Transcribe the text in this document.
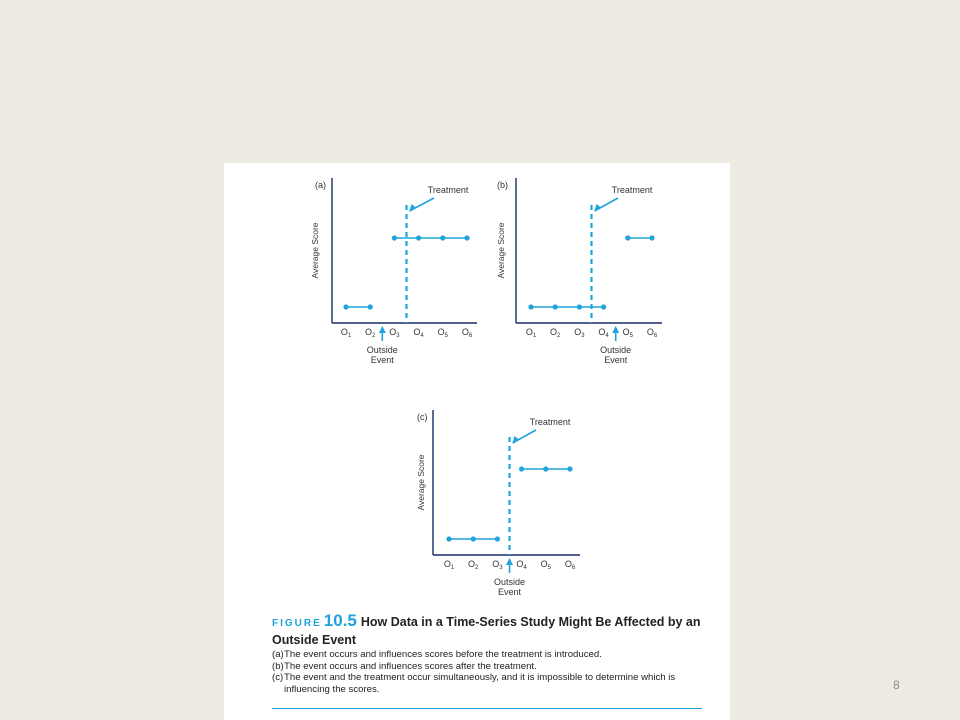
(a)
Average Score
$O_1$ $O_2$ $O_3$ $O_4$ $O_5$ $O_6$
Treatment
Outside
Event
(b)
Average Score
$O_1$ $O_2$ $O_3$ $O_4$ $O_5$ $O_6$
Treatment
Outside
Event
(c)
Average Score
$O_1$ $O_2$ $O_3$ $O_4$ $O_5$ $O_6$
Treatment
Outside
Event
FIGURE 10.5 How Data in a Time-Series Study Might Be Affected by an Outside Event
(a) The event occurs and influences scores before the treatment is introduced.
(b) The event occurs and influences scores after the treatment.
(c) The event and the treatment occur simultaneously, and it is impossible to determine which is influencing the scores.	8
